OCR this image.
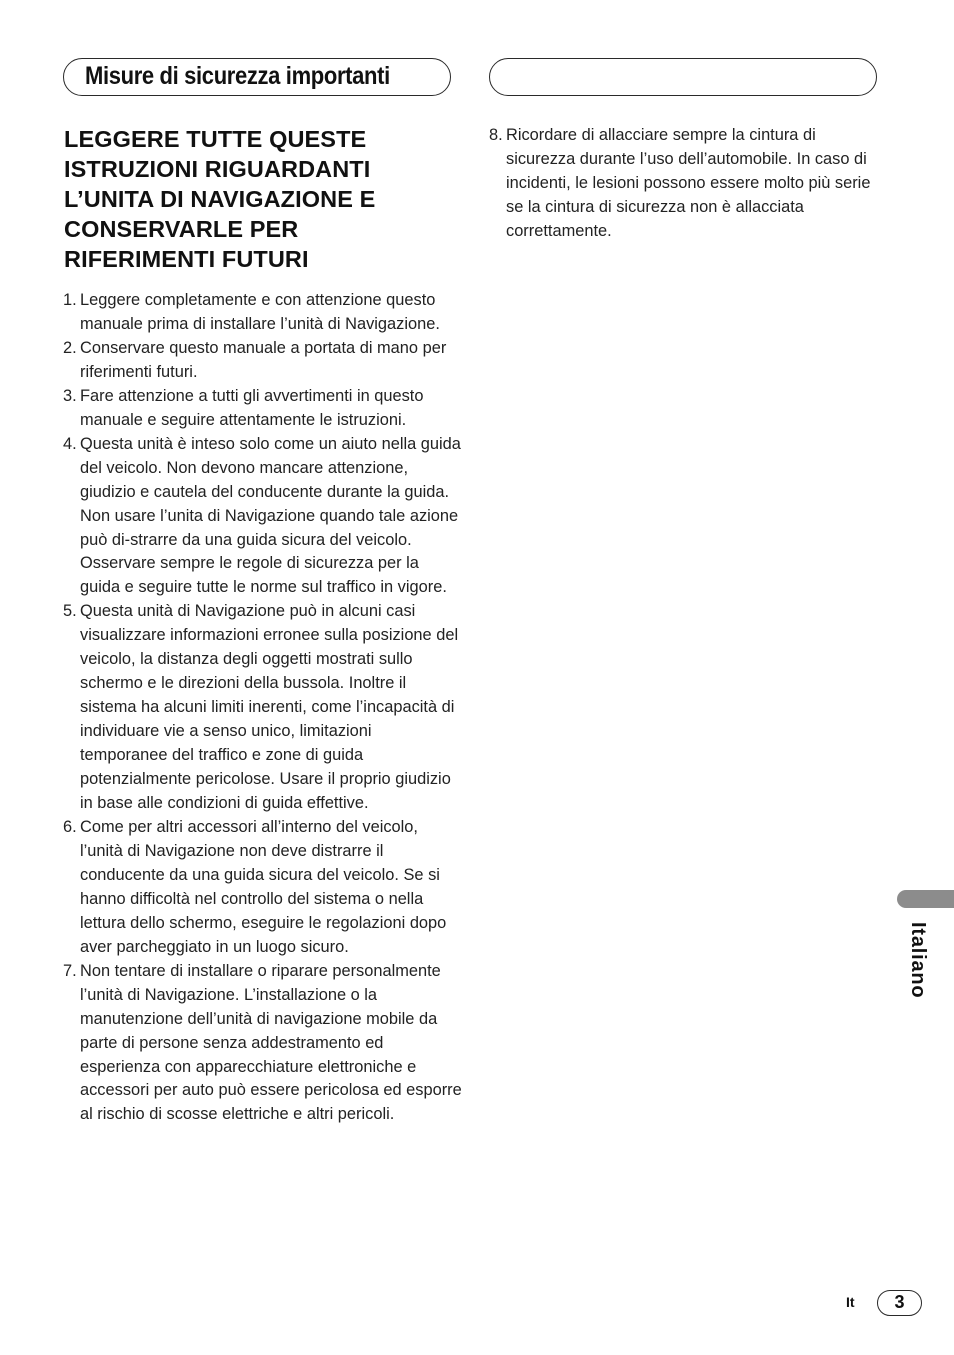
Misure di sicurezza importanti
LEGGERE TUTTE QUESTE ISTRUZIONI RIGUARDANTI L’UNITA DI NAVIGAZIONE E CONSERVARLE PER RIFERIMENTI FUTURI
1. Leggere completamente e con attenzione questo manuale prima di installare l’unità di Navigazione.
2. Conservare questo manuale a portata di mano per riferimenti futuri.
3. Fare attenzione a tutti gli avvertimenti in questo manuale e seguire attentamente le istruzioni.
4. Questa unità è inteso solo come un aiuto nella guida del veicolo. Non devono mancare attenzione, giudizio e cautela del conducente durante la guida. Non usare l’unita di Navigazione quando tale azione può di-strarre da una guida sicura del veicolo. Osservare sempre le regole di sicurezza per la guida e seguire tutte le norme sul traffico in vigore.
5. Questa unità di Navigazione può in alcuni casi visualizzare informazioni erronee sulla posizione del veicolo, la distanza degli oggetti mostrati sullo schermo e le direzioni della bussola. Inoltre il sistema ha alcuni limiti inerenti, come l’incapacità di individuare vie a senso unico, limitazioni temporanee del traffico e zone di guida potenzialmente pericolose. Usare il proprio giudizio in base alle condizioni di guida effettive.
6. Come per altri accessori all’interno del veicolo, l’unità di Navigazione non deve distrarre il conducente da una guida sicura del veicolo. Se si hanno difficoltà nel controllo del sistema o nella lettura dello schermo, eseguire le regolazioni dopo aver parcheggiato in un luogo sicuro.
7. Non tentare di installare o riparare personalmente l’unità di Navigazione. L’installazione o la manutenzione dell’unità di navigazione mobile da parte di persone senza addestramento ed esperienza con apparecchiature elettroniche e accessori per auto può essere pericolosa ed esporre al rischio di scosse elettriche e altri pericoli.
8. Ricordare di allacciare sempre la cintura di sicurezza durante l’uso dell’automobile. In caso di incidenti, le lesioni possono essere molto più serie se la cintura di sicurezza non è allacciata correttamente.
Italiano
It	3
